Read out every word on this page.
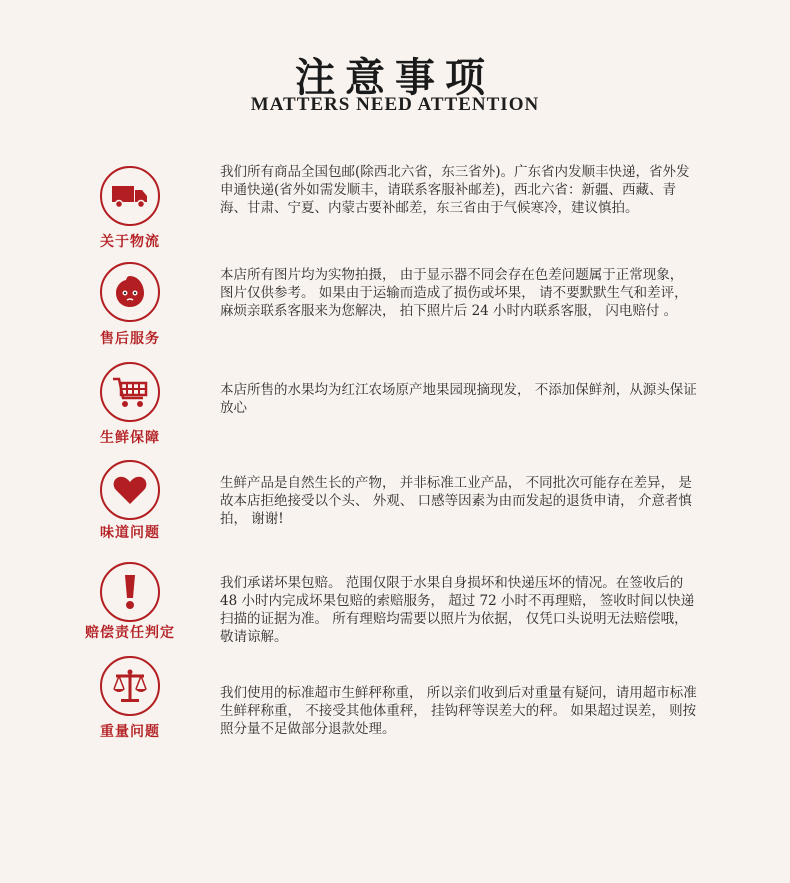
注意事项
MATTERS NEED ATTENTION
关于物流
我们所有商品全国包邮(除西北六省，东三省外)。广东省内发顺丰快递，省外发申通快递(省外如需发顺丰，请联系客服补邮差)，西北六省：新疆、西藏、青海、甘肃、宁夏、内蒙古要补邮差，东三省由于气候寒冷，建议慎拍。
售后服务
本店所有图片均为实物拍摄， 由于显示器不同会存在色差问题属于正常现象， 图片仅供参考。 如果由于运输而造成了损伤或坏果， 请不要默默生气和差评， 麻烦亲联系客服来为您解决， 拍下照片后 24 小时内联系客服， 闪电赔付 。
生鲜保障
本店所售的水果均为红江农场原产地果园现摘现发， 不添加保鲜剂，从源头保证放心
味道问题
生鲜产品是自然生长的产物， 并非标准工业产品， 不同批次可能存在差异， 是故本店拒绝接受以个头、 外观、 口感等因素为由而发起的退货申请， 介意者慎拍， 谢谢!
赔偿责任判定
我们承诺坏果包赔。 范围仅限于水果自身损坏和快递压坏的情况。在签收后的 48 小时内完成坏果包赔的索赔服务， 超过 72 小时不再理赔， 签收时间以快递扫描的证据为准。 所有理赔均需要以照片为依据， 仅凭口头说明无法赔偿哦， 敬请谅解。
重量问题
我们使用的标准超市生鲜秤称重， 所以亲们收到后对重量有疑问，请用超市标准生鲜秤称重， 不接受其他体重秤， 挂钩秤等误差大的秤。 如果超过误差， 则按照分量不足做部分退款处理。
